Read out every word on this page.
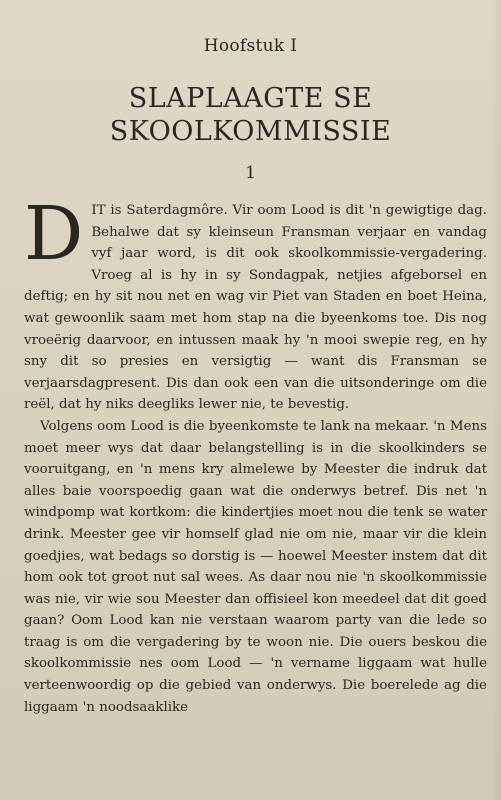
Hoofstuk I
SLAPLAAGTE SE
SKOOLKOMMISSIE
1
D IT is Saterdagmôre. Vir oom Lood is dit 'n gewigtige dag. Behalwe dat sy kleinseun Fransman verjaar en vandag vyf jaar word, is dit ook skoolkommissie-vergadering. Vroeg al is hy in sy Sondagpak, netjies afgeborsel en deftig; en hy sit nou net en wag vir Piet van Staden en boet Heina, wat gewoonlik saam met hom stap na die byeenkoms toe. Dis nog vroeërig daarvoor, en intussen maak hy 'n mooi swepie reg, en hy sny dit so presies en versigtig — want dis Fransman se verjaarsdagpresent. Dis dan ook een van die uitsonderinge om die reël, dat hy niks deegliks lewer nie, te bevestig.

Volgens oom Lood is die byeenkomste te lank na mekaar. 'n Mens moet meer wys dat daar belangstelling is in die skoolkinders se vooruitgang, en 'n mens kry almelewe by Meester die indruk dat alles baie voorspoedig gaan wat die onderwys betref. Dis net 'n windpomp wat kortkom: die kindertjies moet nou die tenk se water drink. Meester gee vir homself glad nie om nie, maar vir die klein goedjies, wat bedags so dorstig is — hoewel Meester instem dat dit hom ook tot groot nut sal wees. As daar nou nie 'n skoolkommissie was nie, vir wie sou Meester dan offisieel kon meedeel dat dit goed gaan? Oom Lood kan nie verstaan waarom party van die lede so traag is om die vergadering by te woon nie. Die ouers beskou die skoolkommissie nes oom Lood — 'n vername liggaam wat hulle verteenwoordig op die gebied van onderwys. Die boerelede ag die liggaam 'n noodsaaklike
